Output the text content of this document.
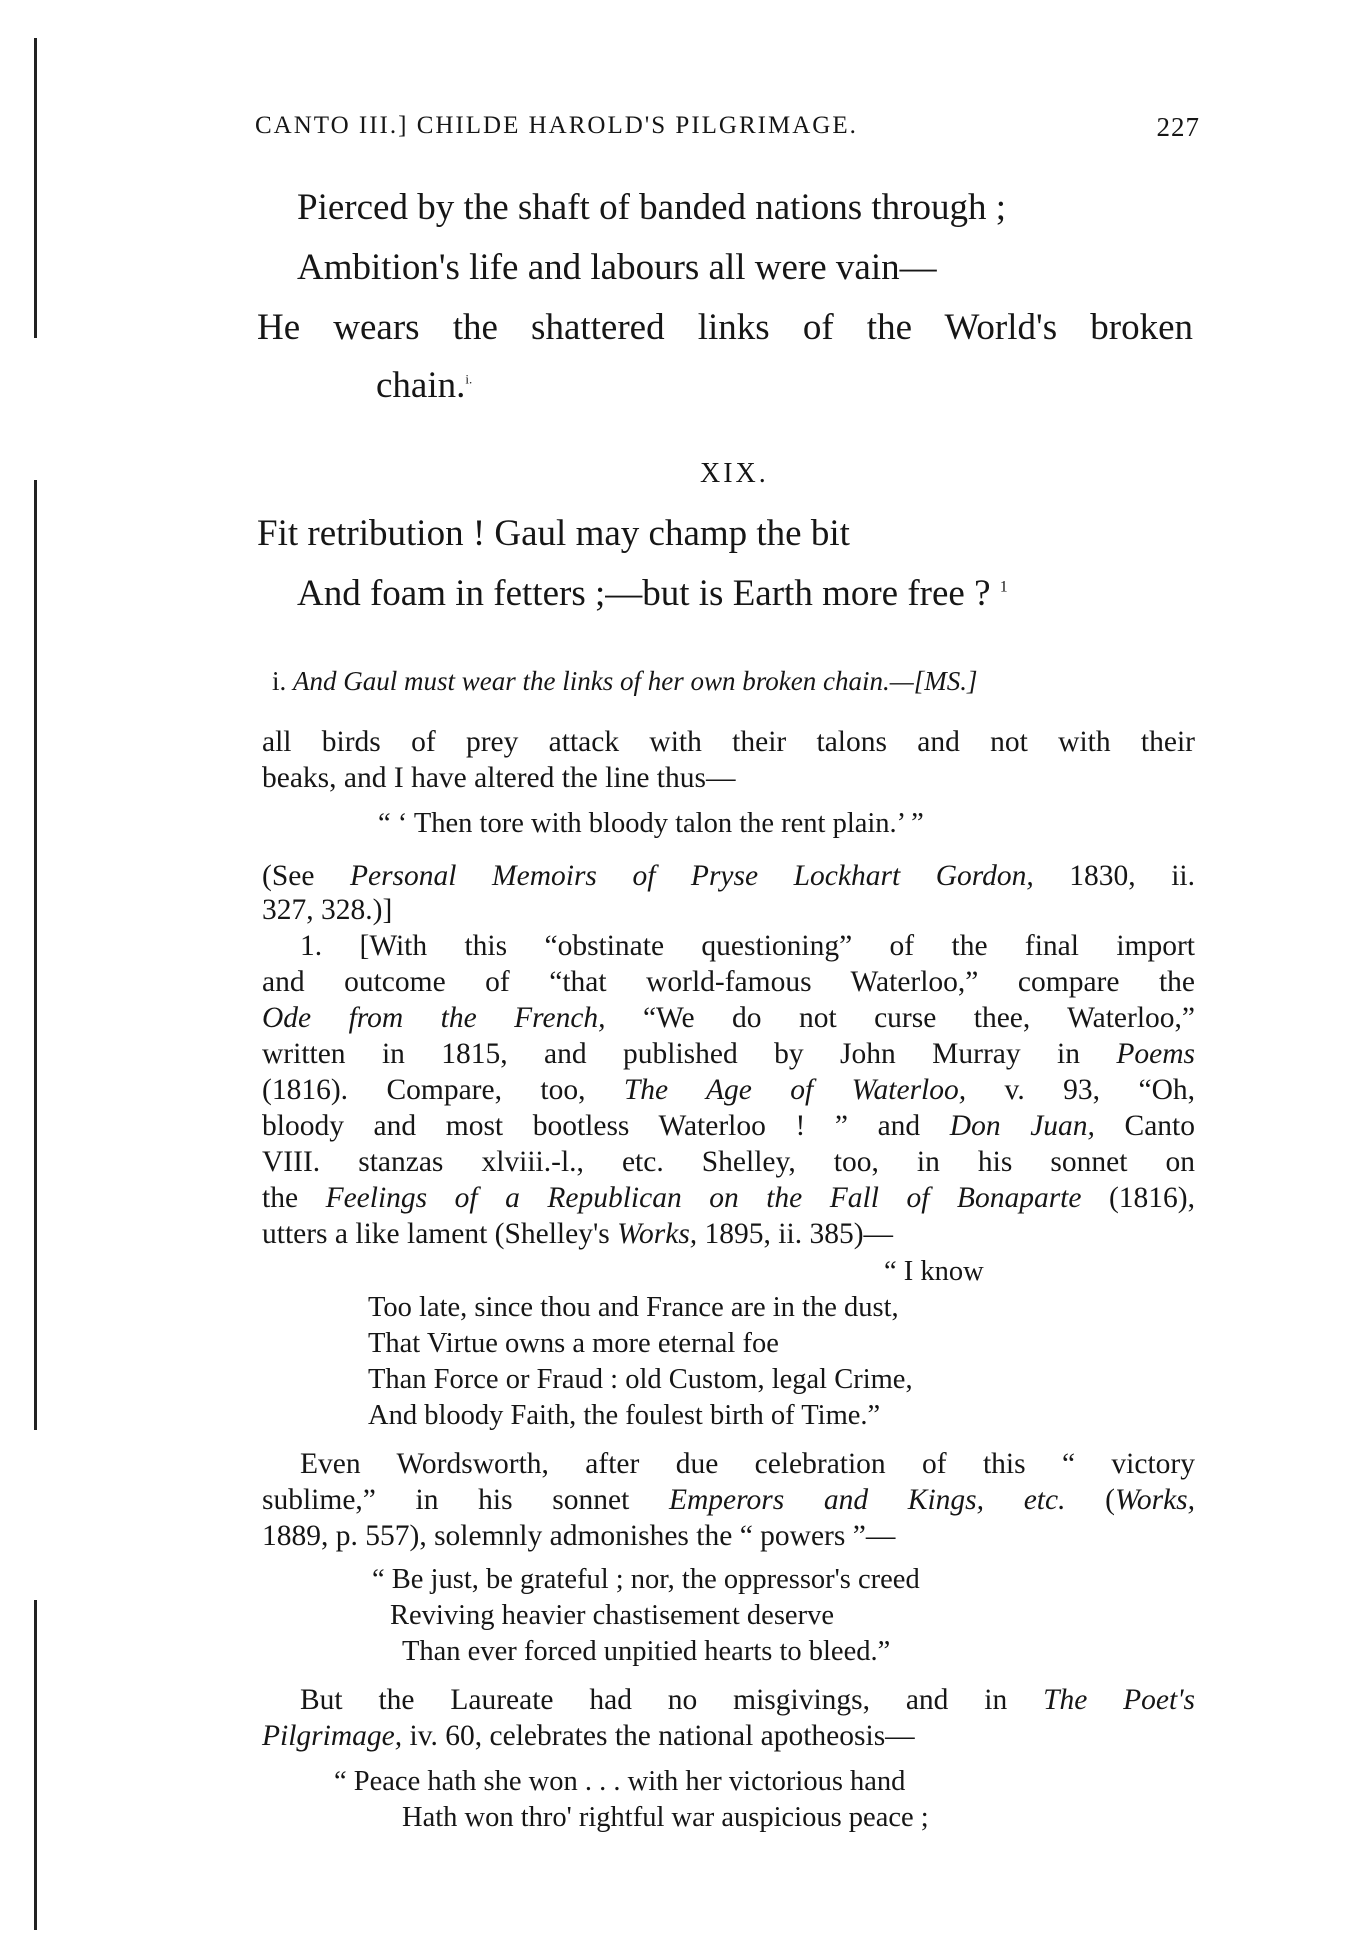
CANTO III.] CHILDE HAROLD'S PILGRIMAGE.	227
Pierced by the shaft of banded nations through ;
Ambition's life and labours all were vain—
He wears the shattered links of the World's broken
chain.$^{i.}$
XIX.
Fit retribution ! Gaul may champ the bit
And foam in fetters ;—but is Earth more free ? $^1$
i. And Gaul must wear the links of her own broken chain.—[MS.]
all birds of prey attack with their talons and not with their
beaks, and I have altered the line thus—
“ ‘ Then tore with bloody talon the rent plain.’ ”
(See Personal Memoirs of Pryse Lockhart Gordon, 1830, ii.
327, 328.)]
1. [With this “obstinate questioning” of the final import
and outcome of “that world-famous Waterloo,” compare the
Ode from the French, “We do not curse thee, Waterloo,”
written in 1815, and published by John Murray in Poems
(1816). Compare, too, The Age of Waterloo, v. 93, “Oh,
bloody and most bootless Waterloo ! ” and Don Juan, Canto
VIII. stanzas xlviii.-l., etc. Shelley, too, in his sonnet on
the Feelings of a Republican on the Fall of Bonaparte (1816),
utters a like lament (Shelley's Works, 1895, ii. 385)—
“ I know
Too late, since thou and France are in the dust,
That Virtue owns a more eternal foe
Than Force or Fraud : old Custom, legal Crime,
And bloody Faith, the foulest birth of Time.”
Even Wordsworth, after due celebration of this “ victory
sublime,” in his sonnet Emperors and Kings, etc. (Works,
1889, p. 557), solemnly admonishes the “ powers ”—
“ Be just, be grateful ; nor, the oppressor's creed
Reviving heavier chastisement deserve
Than ever forced unpitied hearts to bleed.”
But the Laureate had no misgivings, and in The Poet's
Pilgrimage, iv. 60, celebrates the national apotheosis—
“ Peace hath she won . . . with her victorious hand
Hath won thro' rightful war auspicious peace ;
